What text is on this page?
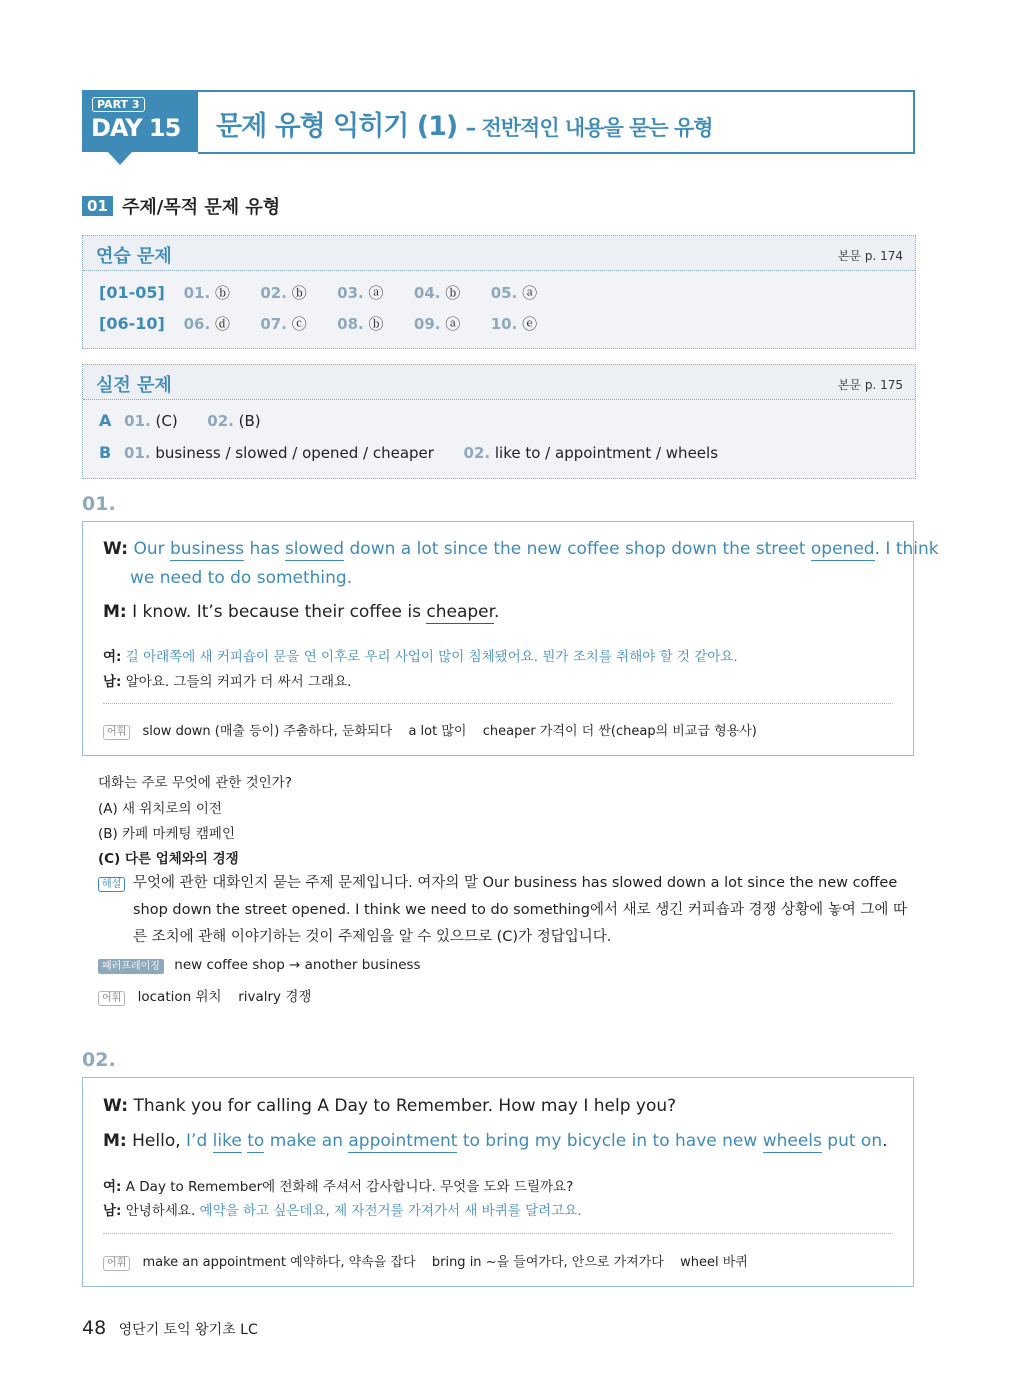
PART 3
DAY 15 문제 유형 익히기 (1) – 전반적인 내용을 묻는 유형
01 주제/목적 문제 유형
연습 문제	본문 p. 174
[01-05] 01. ⓑ 02. ⓑ 03. ⓐ 04. ⓑ 05. ⓐ
[06-10] 06. ⓓ 07. ⓒ 08. ⓑ 09. ⓐ 10. ⓔ
실전 문제	본문 p. 175
A 01. (C) 02. (B)
B 01. business / slowed / opened / cheaper 02. like to / appointment / wheels
01.
W: Our business has slowed down a lot since the new coffee shop down the street opened. I think
we need to do something.
M: I know. It’s because their coffee is cheaper.
여: 길 아래쪽에 새 커피숍이 문을 연 이후로 우리 사업이 많이 침체됐어요. 뭔가 조치를 취해야 할 것 같아요.
남: 알아요. 그들의 커피가 더 싸서 그래요.
어휘 slow down (매출 등이) 주춤하다, 둔화되다 a lot 많이 cheaper 가격이 더 싼(cheap의 비교급 형용사)
대화는 주로 무엇에 관한 것인가?
(A) 새 위치로의 이전
(B) 카페 마케팅 캠페인
(C) 다른 업체와의 경쟁
해설 무엇에 관한 대화인지 묻는 주제 문제입니다. 여자의 말 Our business has slowed down a lot since the new coffee shop down the street opened. I think we need to do something에서 새로 생긴 커피숍과 경쟁 상황에 놓여 그에 따른 조치에 관해 이야기하는 것이 주제임을 알 수 있으므로 (C)가 정답입니다.
패러프레이징 new coffee shop → another business
어휘 location 위치 rivalry 경쟁
02.
W: Thank you for calling A Day to Remember. How may I help you?
M: Hello, I’d like to make an appointment to bring my bicycle in to have new wheels put on.
여: A Day to Remember에 전화해 주셔서 감사합니다. 무엇을 도와 드릴까요?
남: 안녕하세요. 예약을 하고 싶은데요, 제 자전거를 가져가서 새 바퀴를 달려고요.
어휘 make an appointment 예약하다, 약속을 잡다 bring in ~을 들여가다, 안으로 가져가다 wheel 바퀴
48 영단기 토익 왕기초 LC
